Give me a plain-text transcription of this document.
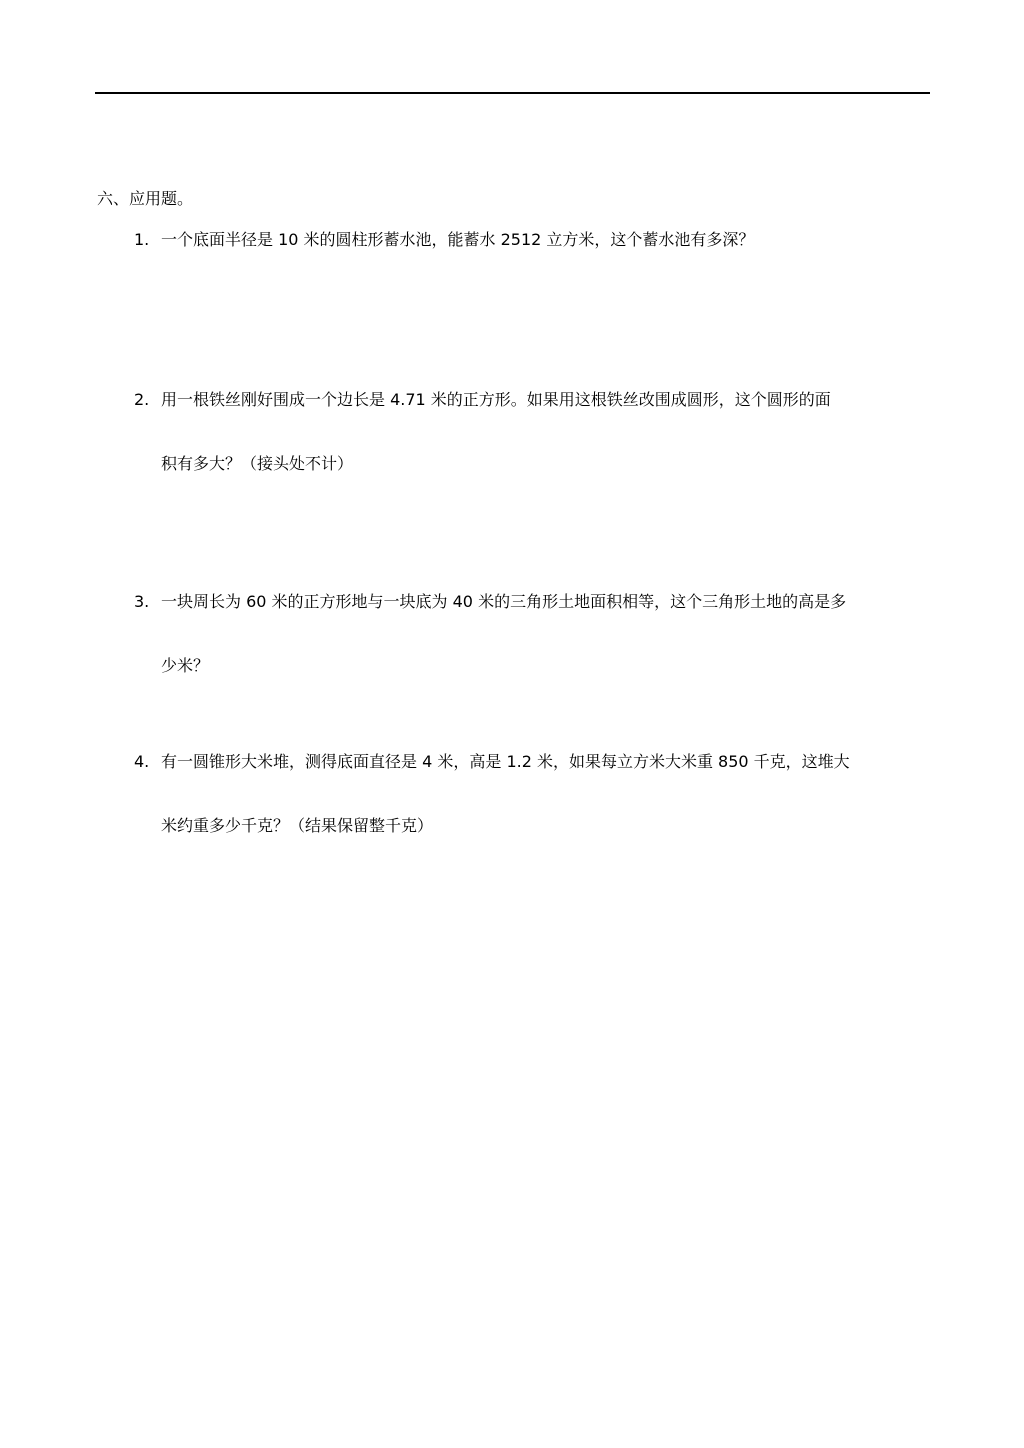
六、应用题。
1. 一个底面半径是 10 米的圆柱形蓄水池，能蓄水 2512 立方米，这个蓄水池有多深？
2. 用一根铁丝刚好围成一个边长是 4.71 米的正方形。如果用这根铁丝改围成圆形，这个圆形的面
积有多大？（接头处不计）
3. 一块周长为 60 米的正方形地与一块底为 40 米的三角形土地面积相等，这个三角形土地的高是多
少米？
4. 有一圆锥形大米堆，测得底面直径是 4 米，高是 1.2 米，如果每立方米大米重 850 千克，这堆大
米约重多少千克？（结果保留整千克）
